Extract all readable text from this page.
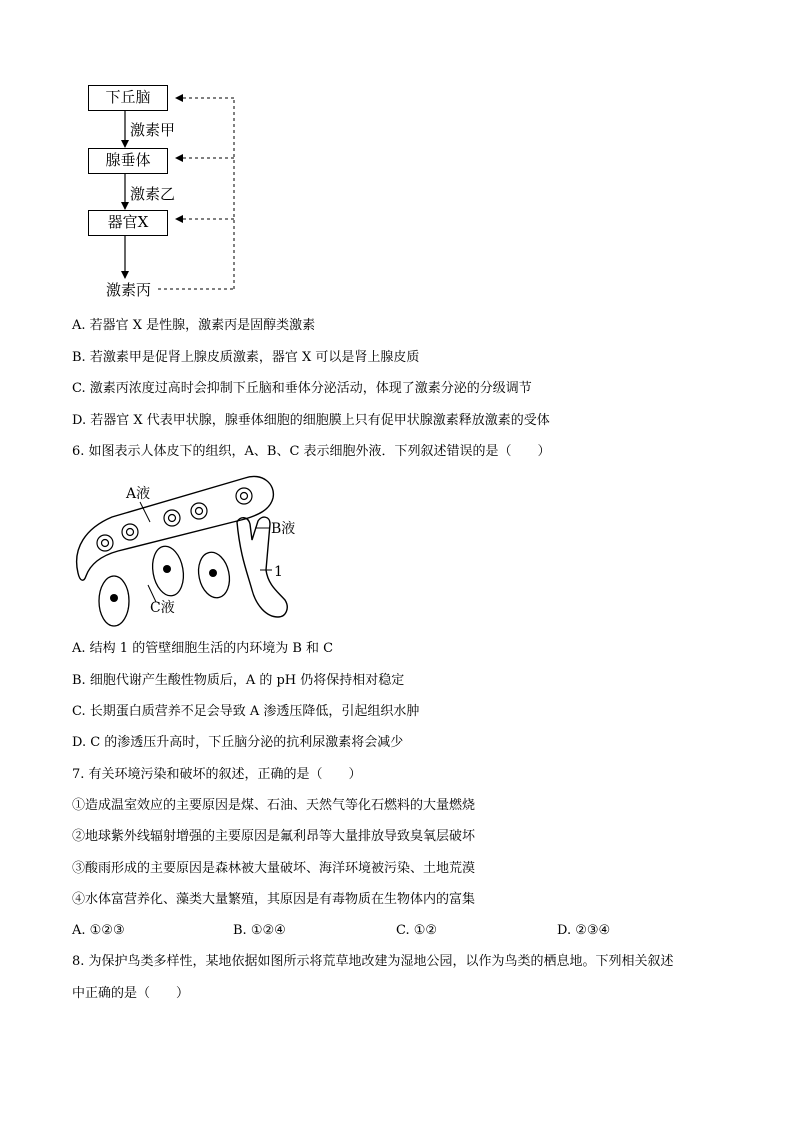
下丘脑
腺垂体
器官X
激素甲
激素乙
激素丙
A. 若器官 X 是性腺，激素丙是固醇类激素
B. 若激素甲是促肾上腺皮质激素，器官 X 可以是肾上腺皮质
C. 激素丙浓度过高时会抑制下丘脑和垂体分泌活动，体现了激素分泌的分级调节
D. 若器官 X 代表甲状腺，腺垂体细胞的细胞膜上只有促甲状腺激素释放激素的受体
6. 如图表示人体皮下的组织，A、B、C 表示细胞外液．下列叙述错误的是（　　）
A液
B液
1
C液
A. 结构 1 的管壁细胞生活的内环境为 B 和 C
B. 细胞代谢产生酸性物质后，A 的 pH 仍将保持相对稳定
C. 长期蛋白质营养不足会导致 A 渗透压降低，引起组织水肿
D. C 的渗透压升高时，下丘脑分泌的抗利尿激素将会减少
7. 有关环境污染和破坏的叙述，正确的是（　　）
①造成温室效应的主要原因是煤、石油、天然气等化石燃料的大量燃烧
②地球紫外线辐射增强的主要原因是氟利昂等大量排放导致臭氧层破坏
③酸雨形成的主要原因是森林被大量破坏、海洋环境被污染、土地荒漠
④水体富营养化、藻类大量繁殖，其原因是有毒物质在生物体内的富集
A. ①②③	B. ①②④	C. ①②	D. ②③④
8. 为保护鸟类多样性，某地依据如图所示将荒草地改建为湿地公园，以作为鸟类的栖息地。下列相关叙述
中正确的是（　　）
